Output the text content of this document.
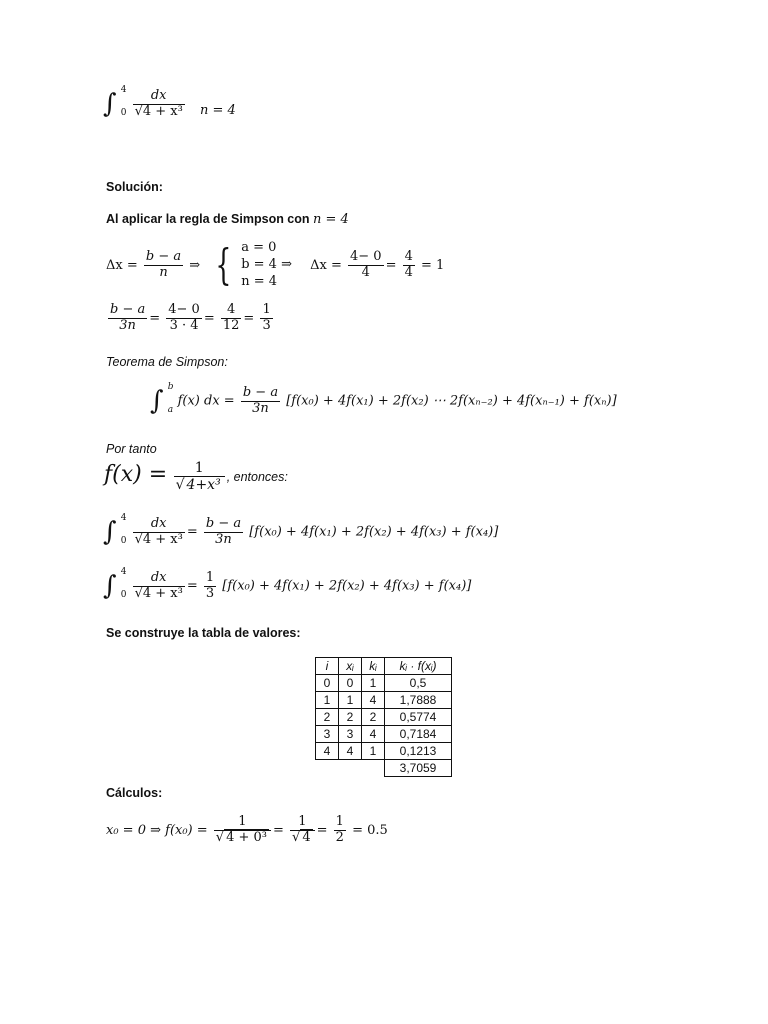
∫ 4
0
$\frac{dx}{\text{√4 + x³}}$ n = 4
Solución:
Al aplicar la regla de Simpson con n = 4
$\Delta x = \frac{b - a}{n}$ ⇒ { a = 0
b = 4 ⇒
n = 4
$\Delta x = \frac{4- 0}{4} = \frac{4}{4} = 1$
$\frac{b - a}{3n} = \frac{4- 0}{3 \cdot 4} = \frac{4}{12} = \frac{1}{3}$
Teorema de Simpson:
∫ b
a
f(x) dx = $\frac{b - a}{3n} [f(x_0) + 4f(x_1) + 2f(x_2)$ ⋯ 2f(xₙ₋₂) + 4f(xₙ₋₁) + f(xₙ)]
Por tanto
$f(x) = \frac{1}{\text{√ 4+x³}}$ , entonces:
∫ 4
0
$\frac{dx}{\text{√4 + x³}} = \frac{b - a}{3n} [f(x_0) + 4f(x_1) + 2f(x_2) + 4f(x_3) + f(x_4)]$
∫ 4
0
$\frac{dx}{\text{√4 + x³}} = \frac{1}{3} [f(x_0) + 4f(x_1) + 2f(x_2) + 4f(x_3) + f(x_4)]$
Se construye la tabla de valores:
i	xᵢ	kᵢ	kᵢ · f(xᵢ)
0	0	1	0,5
1	1	4	1,7888
2	2	2	0,5774
3	3	4	0,7184
4	4	1	0,1213
			3,7059
Cálculos:
x₀ = 0 ⇒ $f(x_0) = \frac{1}{\text{√ 4 + 0³}} = \frac{1}{√ 4} = \frac{1}{2} = 0.5$
